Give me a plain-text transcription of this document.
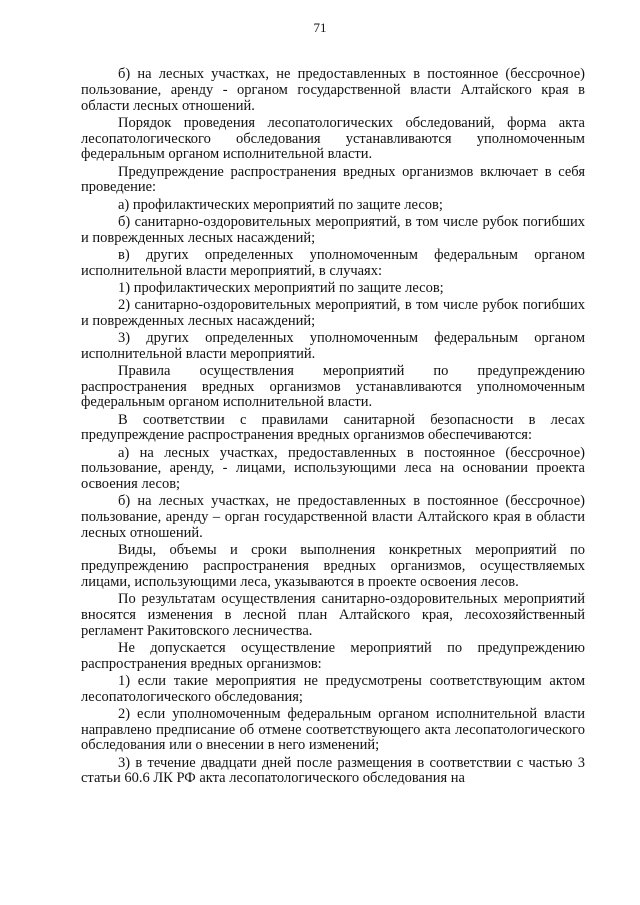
71

б) на лесных участках, не предоставленных в постоянное (бессрочное) пользование, аренду - органом государственной власти Алтайского края в области лесных отношений.

Порядок проведения лесопатологических обследований, форма акта лесопатологического обследования устанавливаются уполномоченным федеральным органом исполнительной власти.

Предупреждение распространения вредных организмов включает в себя проведение:

а) профилактических мероприятий по защите лесов;

б) санитарно-оздоровительных мероприятий, в том числе рубок погибших и поврежденных лесных насаждений;

в) других определенных уполномоченным федеральным органом исполнительной власти мероприятий, в случаях:

1) профилактических мероприятий по защите лесов;

2) санитарно-оздоровительных мероприятий, в том числе рубок погибших и поврежденных лесных насаждений;

3) других определенных уполномоченным федеральным органом исполнительной власти мероприятий.

Правила осуществления мероприятий по предупреждению распространения вредных организмов устанавливаются уполномоченным федеральным органом исполнительной власти.

В соответствии с правилами санитарной безопасности в лесах предупреждение распространения вредных организмов обеспечиваются:

а) на лесных участках, предоставленных в постоянное (бессрочное) пользование, аренду, - лицами, использующими леса на основании проекта освоения лесов;

б) на лесных участках, не предоставленных в постоянное (бессрочное) пользование, аренду – орган государственной власти Алтайского края в области лесных отношений.

Виды, объемы и сроки выполнения конкретных мероприятий по предупреждению распространения вредных организмов, осуществляемых лицами, использующими леса, указываются в проекте освоения лесов.

По результатам осуществления санитарно-оздоровительных мероприятий вносятся изменения в лесной план Алтайского края, лесохозяйственный регламент Ракитовского лесничества.

Не допускается осуществление мероприятий по предупреждению распространения вредных организмов:

1) если такие мероприятия не предусмотрены соответствующим актом лесопатологического обследования;

2) если уполномоченным федеральным органом исполнительной власти направлено предписание об отмене соответствующего акта лесопатологического обследования или о внесении в него изменений;

3) в течение двадцати дней после размещения в соответствии с частью 3 статьи 60.6 ЛК РФ акта лесопатологического обследования на
